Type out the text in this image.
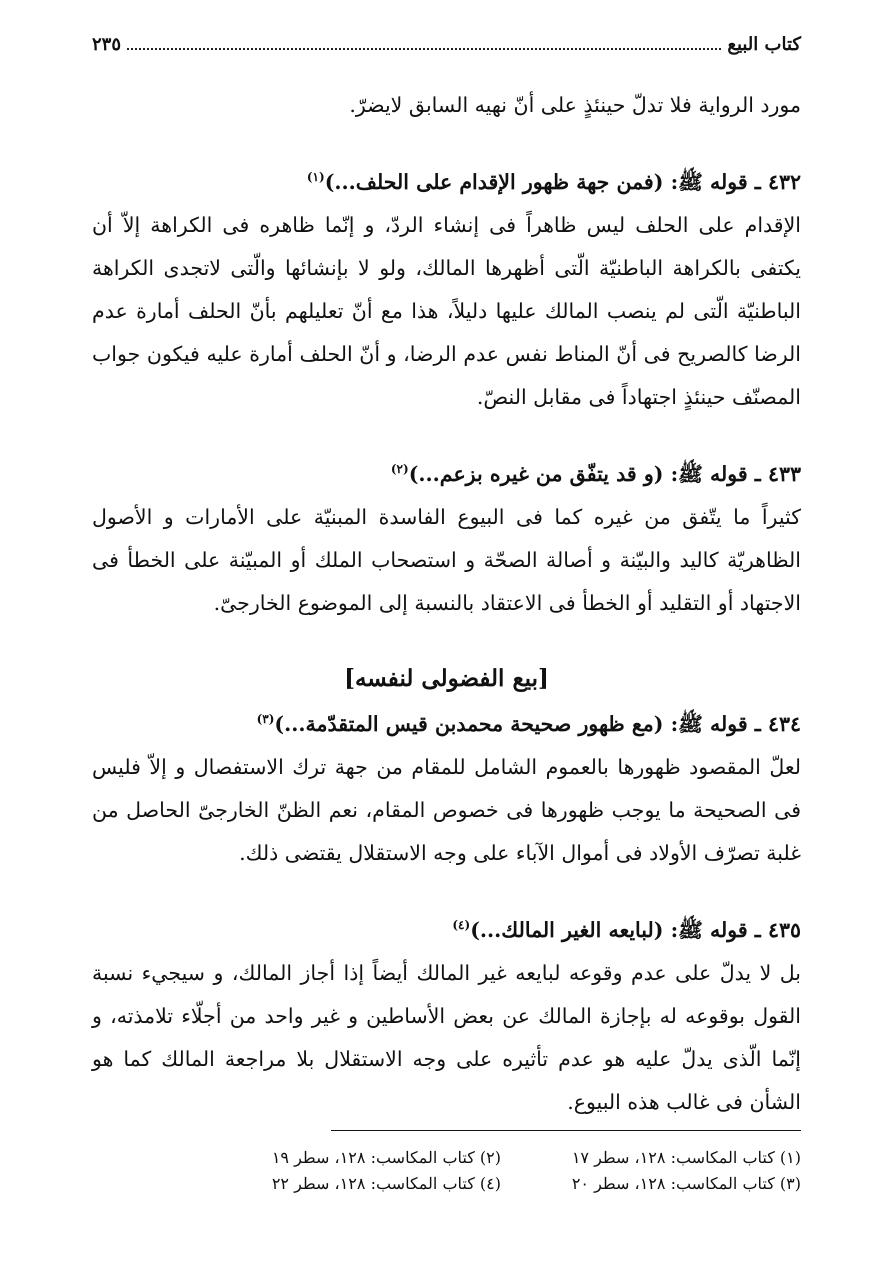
كتاب البيع
٢٣٥

مورد الرواية فلا تدلّ حينئذٍ على أنّ نهيه السابق لايضرّ.

٤٣٢ ـ قوله ﷺ: (فمن جهة ظهور الإقدام على الحلف...)$^{(١)}$

الإقدام على الحلف ليس ظاهراً فى إنشاء الردّ، و إنّما ظاهره فى الكراهة إلاّ أن يكتفى بالكراهة الباطنيّة الّتى أظهرها المالك، ولو لا بإنشائها والّتى لاتجدى الكراهة الباطنيّة الّتى لم ينصب المالك عليها دليلاً، هذا مع أنّ تعليلهم بأنّ الحلف أمارة عدم الرضا كالصريح فى أنّ المناط نفس عدم الرضا، و أنّ الحلف أمارة عليه فيكون جواب المصنّف حينئذٍ اجتهاداً فى مقابل النصّ.

٤٣٣ ـ قوله ﷺ: (و قد يتفّق من غيره بزعم...)$^{(٢)}$

كثيراً ما يتّفق من غيره كما فى البيوع الفاسدة المبنيّة على الأمارات و الأصول الظاهريّة كاليد والبيّنة و أصالة الصحّة و استصحاب الملك أو المبيّنة على الخطأ فى الاجتهاد أو التقليد أو الخطأ فى الاعتقاد بالنسبة إلى الموضوع الخارجىّ.

[بيع الفضولى لنفسه]

٤٣٤ ـ قوله ﷺ: (مع ظهور صحيحة محمدبن قيس المتقدّمة...)$^{(٣)}$

لعلّ المقصود ظهورها بالعموم الشامل للمقام من جهة ترك الاستفصال و إلاّ فليس فى الصحيحة ما يوجب ظهورها فى خصوص المقام، نعم الظنّ الخارجىّ الحاصل من غلبة تصرّف الأولاد فى أموال الآباء على وجه الاستقلال يقتضى ذلك.

٤٣٥ ـ قوله ﷺ: (لبايعه الغير المالك...)$^{(٤)}$

بل لا يدلّ على عدم وقوعه لبايعه غير المالك أيضاً إذا أجاز المالك، و سيجيء نسبة القول بوقوعه له بإجازة المالك عن بعض الأساطين و غير واحد من أجلّاء تلامذته، و إنّما الّذى يدلّ عليه هو عدم تأثيره على وجه الاستقلال بلا مراجعة المالك كما هو الشأن فى غالب هذه البيوع.

(١) كتاب المكاسب: ١٢٨، سطر ١٧
(٢) كتاب المكاسب: ١٢٨، سطر ١٩
(٣) كتاب المكاسب: ١٢٨، سطر ٢٠
(٤) كتاب المكاسب: ١٢٨، سطر ٢٢
